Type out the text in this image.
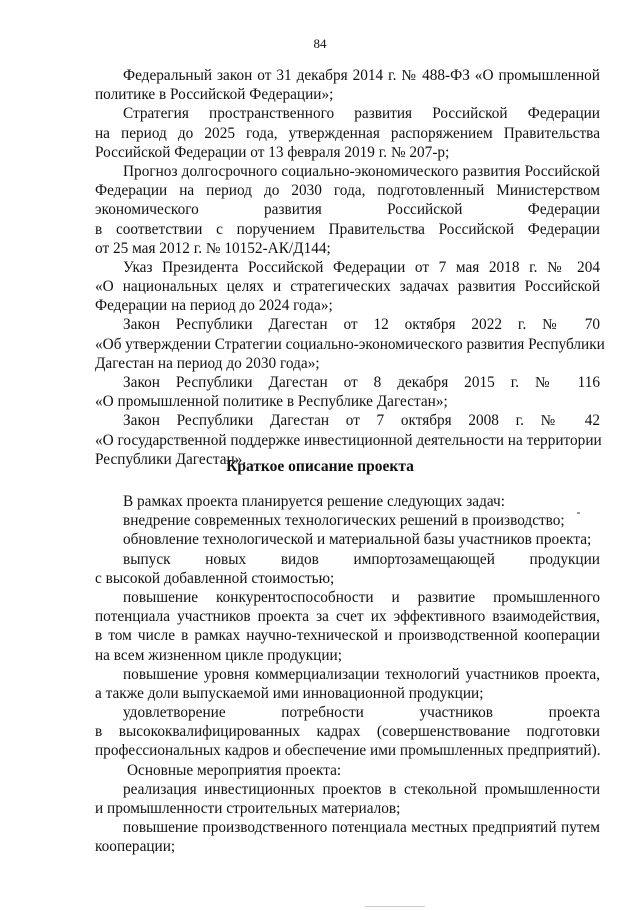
84
Федеральный закон от 31 декабря 2014 г. № 488-ФЗ «О промышленной
политике в Российской Федерации»;
Стратегия пространственного развития Российской Федерации
на период до 2025 года, утвержденная распоряжением Правительства
Российской Федерации от 13 февраля 2019 г. № 207-р;
Прогноз долгосрочного социально-экономического развития Российской
Федерации на период до 2030 года, подготовленный Министерством
экономического развития Российской Федерации
в соответствии с поручением Правительства Российской Федерации
от 25 мая 2012 г. № 10152-АК/Д144;
Указ Президента Российской Федерации от 7 мая 2018 г. № 204
«О национальных целях и стратегических задачах развития Российской
Федерации на период до 2024 года»;
Закон Республики Дагестан от 12 октября 2022 г. № 70
«Об утверждении Стратегии социально-экономического развития Республики
Дагестан на период до 2030 года»;
Закон Республики Дагестан от 8 декабря 2015 г. № 116
«О промышленной политике в Республике Дагестан»;
Закон Республики Дагестан от 7 октября 2008 г. № 42
«О государственной поддержке инвестиционной деятельности на территории
Республики Дагестан».
Краткое описание проекта
В рамках проекта планируется решение следующих задач:
внедрение современных технологических решений в производство;
обновление технологической и материальной базы участников проекта;
выпуск новых видов импортозамещающей продукции
с высокой добавленной стоимостью;
повышение конкурентоспособности и развитие промышленного
потенциала участников проекта за счет их эффективного взаимодействия,
в том числе в рамках научно-технической и производственной кооперации
на всем жизненном цикле продукции;
повышение уровня коммерциализации технологий участников проекта,
а также доли выпускаемой ими инновационной продукции;
удовлетворение потребности участников проекта
в высококвалифицированных кадрах (совершенствование подготовки
профессиональных кадров и обеспечение ими промышленных предприятий).
Основные мероприятия проекта:
реализация инвестиционных проектов в стекольной промышленности
и промышленности строительных материалов;
повышение производственного потенциала местных предприятий путем
кооперации;
